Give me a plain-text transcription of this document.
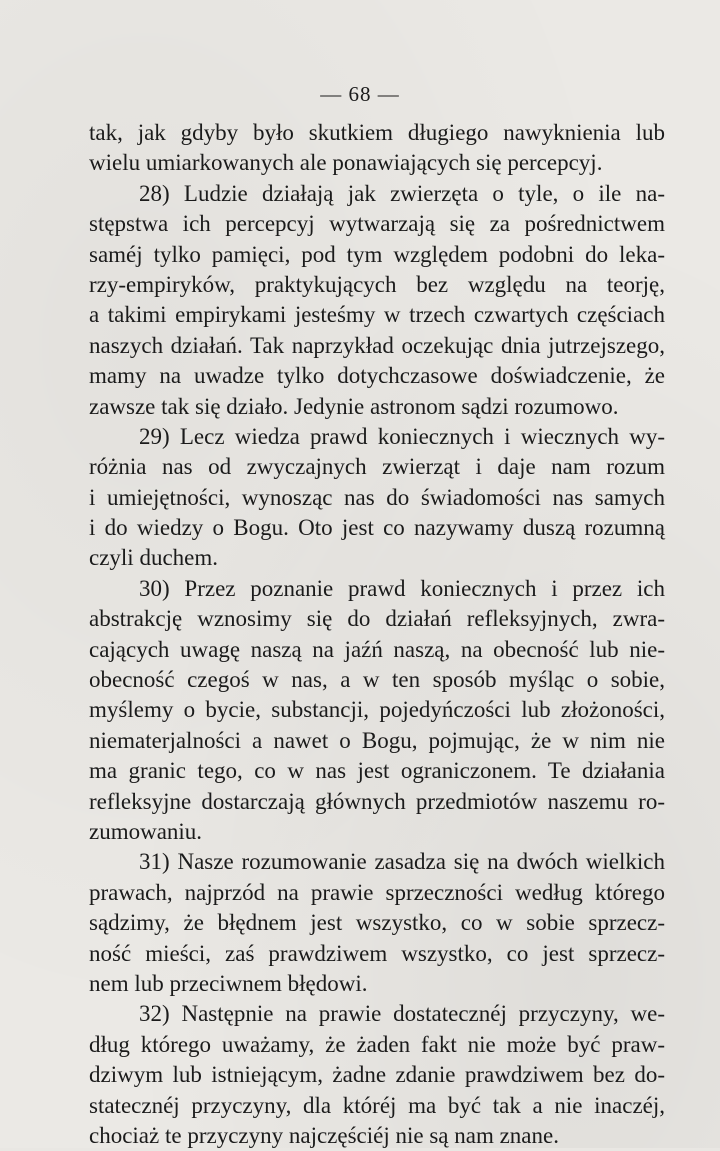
— 68 —
tak, jak gdyby było skutkiem długiego nawyknienia lub
wielu umiarkowanych ale ponawiających się percepcyj.
28) Ludzie działają jak zwierzęta o tyle, o ile na-
stępstwa ich percepcyj wytwarzają się za pośrednictwem
saméj tylko pamięci, pod tym względem podobni do leka-
rzy-empiryków, praktykujących bez względu na teorję,
a takimi empirykami jesteśmy w trzech czwartych częściach
naszych działań. Tak naprzykład oczekując dnia jutrzejszego,
mamy na uwadze tylko dotychczasowe doświadczenie, że
zawsze tak się działo. Jedynie astronom sądzi rozumowo.
29) Lecz wiedza prawd koniecznych i wiecznych wy-
różnia nas od zwyczajnych zwierząt i daje nam rozum
i umiejętności, wynosząc nas do świadomości nas samych
i do wiedzy o Bogu. Oto jest co nazywamy duszą rozumną
czyli duchem.
30) Przez poznanie prawd koniecznych i przez ich
abstrakcję wznosimy się do działań refleksyjnych, zwra-
cających uwagę naszą na jaźń naszą, na obecność lub nie-
obecność czegoś w nas, a w ten sposób myśląc o sobie,
myślemy o bycie, substancji, pojedyńczości lub złożoności,
niematerjalności a nawet o Bogu, pojmując, że w nim nie
ma granic tego, co w nas jest ograniczonem. Te działania
refleksyjne dostarczają głównych przedmiotów naszemu ro-
zumowaniu.
31) Nasze rozumowanie zasadza się na dwóch wielkich
prawach, najprzód na prawie sprzeczności według którego
sądzimy, że błędnem jest wszystko, co w sobie sprzecz-
ność mieści, zaś prawdziwem wszystko, co jest sprzecz-
nem lub przeciwnem błędowi.
32) Następnie na prawie dostatecznéj przyczyny, we-
dług którego uważamy, że żaden fakt nie może być praw-
dziwym lub istniejącym, żadne zdanie prawdziwem bez do-
statecznéj przyczyny, dla któréj ma być tak a nie inaczéj,
chociaż te przyczyny najczęściéj nie są nam znane.
